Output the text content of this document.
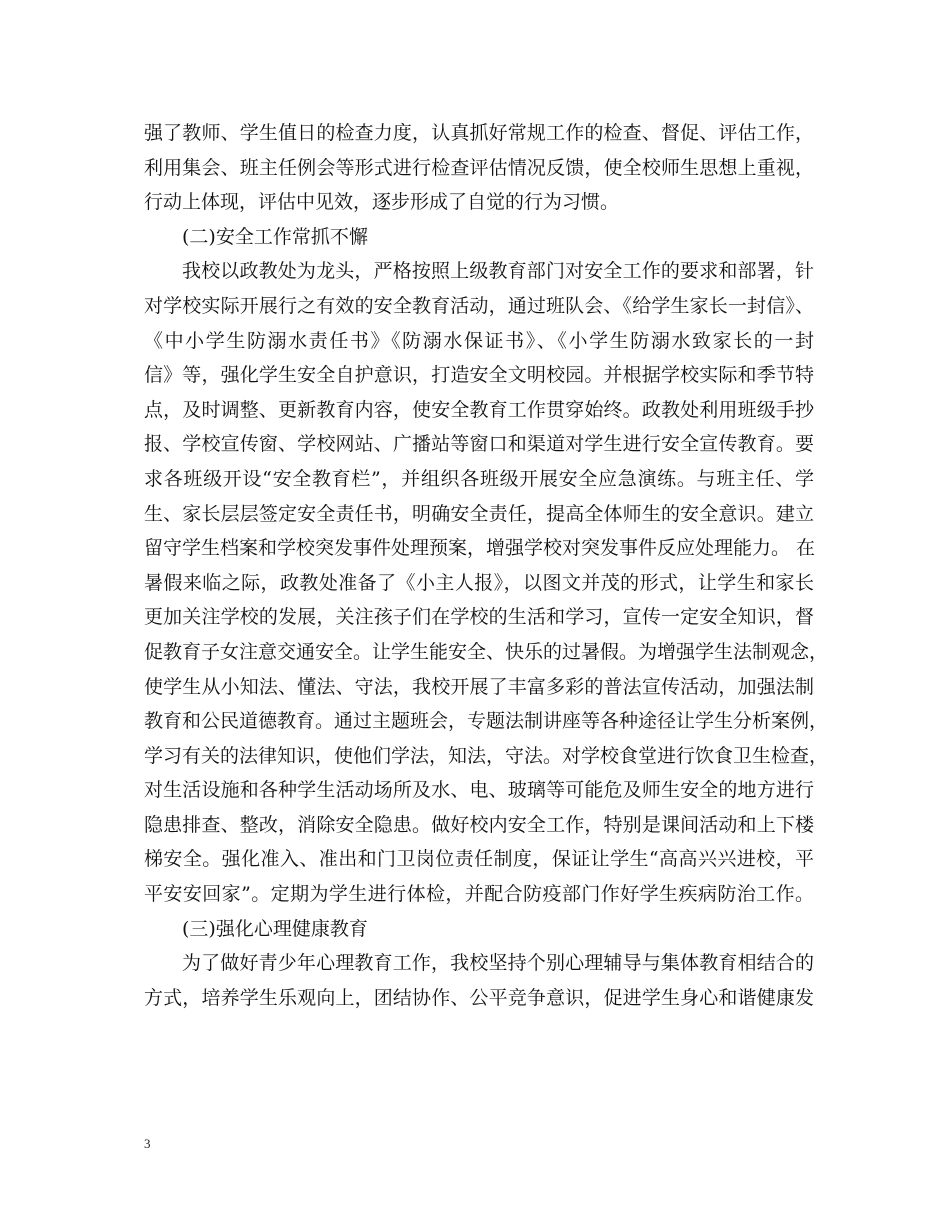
强了教师、学生值日的检查力度，认真抓好常规工作的检查、督促、评估工作，
利用集会、班主任例会等形式进行检查评估情况反馈，使全校师生思想上重视，
行动上体现，评估中见效，逐步形成了自觉的行为习惯。
(二)安全工作常抓不懈
我校以政教处为龙头，严格按照上级教育部门对安全工作的要求和部署，针
对学校实际开展行之有效的安全教育活动，通过班队会、《给学生家长一封信》、
《中小学生防溺水责任书》《防溺水保证书》、《小学生防溺水致家长的一封
信》等，强化学生安全自护意识，打造安全文明校园。并根据学校实际和季节特
点，及时调整、更新教育内容，使安全教育工作贯穿始终。政教处利用班级手抄
报、学校宣传窗、学校网站、广播站等窗口和渠道对学生进行安全宣传教育。要
求各班级开设“安全教育栏”，并组织各班级开展安全应急演练。与班主任、学
生、家长层层签定安全责任书，明确安全责任，提高全体师生的安全意识。建立
留守学生档案和学校突发事件处理预案，增强学校对突发事件反应处理能力。 在
暑假来临之际，政教处准备了《小主人报》，以图文并茂的形式，让学生和家长
更加关注学校的发展，关注孩子们在学校的生活和学习，宣传一定安全知识，督
促教育子女注意交通安全。让学生能安全、快乐的过暑假。为增强学生法制观念，
使学生从小知法、懂法、守法，我校开展了丰富多彩的普法宣传活动，加强法制
教育和公民道德教育。通过主题班会，专题法制讲座等各种途径让学生分析案例，
学习有关的法律知识，使他们学法，知法，守法。对学校食堂进行饮食卫生检查，
对生活设施和各种学生活动场所及水、电、玻璃等可能危及师生安全的地方进行
隐患排查、整改，消除安全隐患。做好校内安全工作，特别是课间活动和上下楼
梯安全。强化准入、准出和门卫岗位责任制度，保证让学生“高高兴兴进校，平
平安安回家”。定期为学生进行体检，并配合防疫部门作好学生疾病防治工作。
(三)强化心理健康教育
为了做好青少年心理教育工作，我校坚持个别心理辅导与集体教育相结合的
方式，培养学生乐观向上，团结协作、公平竞争意识，促进学生身心和谐健康发
3
